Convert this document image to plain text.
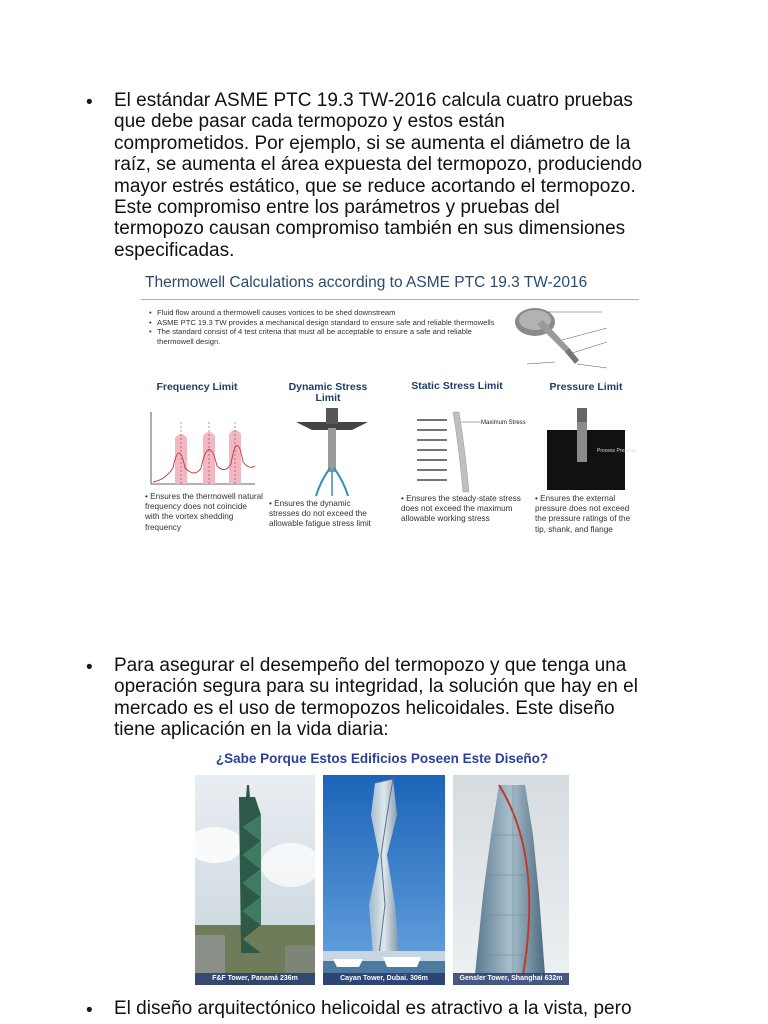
• El estándar ASME PTC 19.3 TW-2016 calcula cuatro pruebas
que debe pasar cada termopozo y estos están
comprometidos. Por ejemplo, si se aumenta el diámetro de la
raíz, se aumenta el área expuesta del termopozo, produciendo
mayor estrés estático, que se reduce acortando el termopozo.
Este compromiso entre los parámetros y pruebas del
termopozo causan compromiso también en sus dimensiones
especificadas.
Thermowell Calculations according to ASME PTC 19.3 TW-2016
• Fluid flow around a thermowell causes vortices to be shed downstream
• ASME PTC 19.3 TW provides a mechanical design standard to ensure safe and reliable thermowells
• The standard consist of 4 test criteria that must all be acceptable to ensure a safe and reliable thermowell design.
Frequency Limit	Dynamic Stress Limit
Static Stress Limit	Pressure Limit
Maximum Stress
Process Pressure
• Ensures the thermowell natural frequency does not coincide with the vortex shedding frequency
• Ensures the dynamic stresses do not exceed the allowable fatigue stress limit
• Ensures the steady-state stress does not exceed the maximum allowable working stress
• Ensures the external pressure does not exceed the pressure ratings of the tip, shank, and flange
• Para asegurar el desempeño del termopozo y que tenga una
operación segura para su integridad, la solución que hay en el
mercado es el uso de termopozos helicoidales. Este diseño
tiene aplicación en la vida diaria:
¿Sabe Porque Estos Edificios Poseen Este Diseño?
F&F Tower, Panamá 236m	Cayan Tower, Dubai. 306m	Gensler Tower, Shanghai 632m
• El diseño arquitectónico helicoidal es atractivo a la vista, pero
